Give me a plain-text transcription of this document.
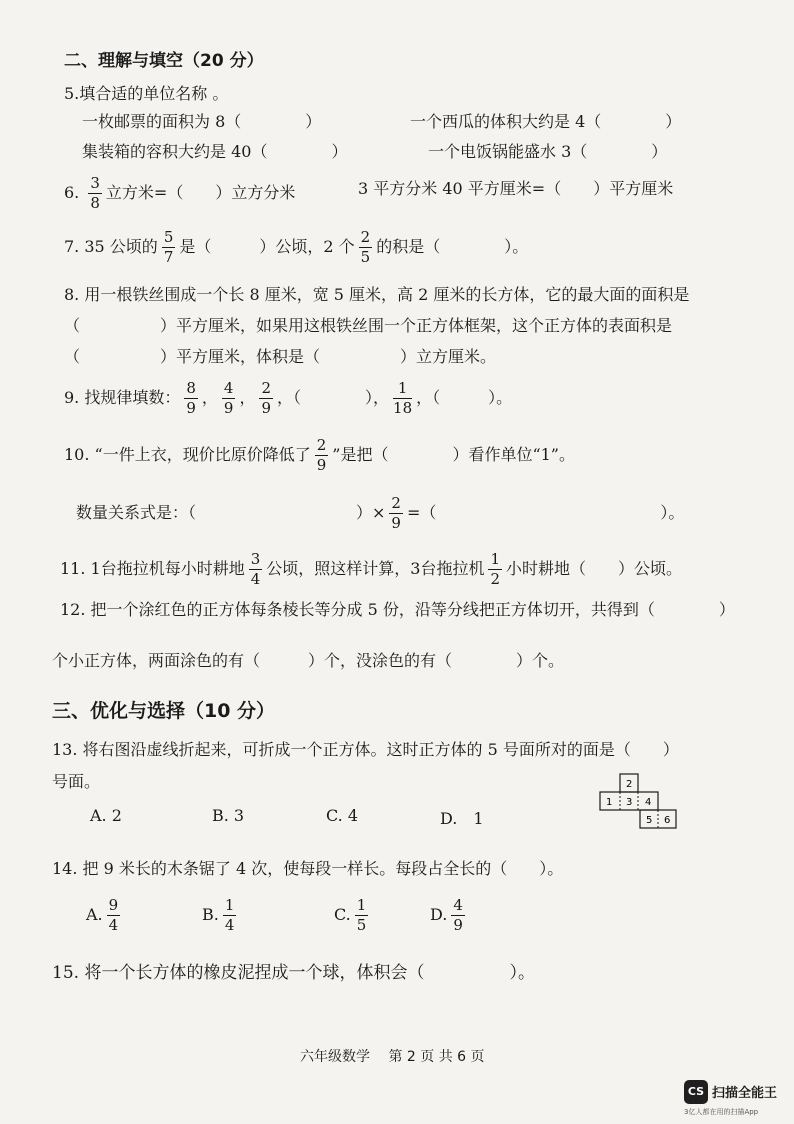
二、理解与填空（20 分）
5.填合适的单位名称 。
一枚邮票的面积为 8（　　　　）	一个西瓜的体积大约是 4（　　　　）
集装箱的容积大约是 40（　　　　）	一个电饭锅能盛水 3（　　　　）
6. $\frac{3}{8}$ 立方米=（　　）立方分米	3 平方分米 40 平方厘米=（　　）平方厘米
7. 35 公顷的 $\frac{5}{7}$ 是（　　　）公顷，2 个 $\frac{2}{5}$ 的积是（　　　　）。
8. 用一根铁丝围成一个长 8 厘米，宽 5 厘米，高 2 厘米的长方体，它的最大面的面积是
（　　　　　）平方厘米，如果用这根铁丝围一个正方体框架，这个正方体的表面积是
（　　　　　）平方厘米，体积是（　　　　　）立方厘米。
9. 找规律填数： $\frac{8}{9}$ ， $\frac{4}{9}$ ， $\frac{2}{9}$ ，（　　　　）， $\frac{1}{18}$ ，（　　　）。
10. “一件上衣，现价比原价降低了 $\frac{2}{9}$ ”是把（　　　　）看作单位“1”。
数量关系式是：（　　　　　　　　　　）× $\frac{2}{9}$ =（　　　　　　　　　　　　　　）。
11. 1台拖拉机每小时耕地 $\frac{3}{4}$ 公顷，照这样计算，3台拖拉机 $\frac{1}{2}$ 小时耕地（　　）公顷。
12. 把一个涂红色的正方体每条棱长等分成 5 份，沿等分线把正方体切开，共得到（　　　　）
个小正方体，两面涂色的有（　　　）个，没涂色的有（　　　　）个。
三、优化与选择（10 分）
13. 将右图沿虚线折起来，可折成一个正方体。这时正方体的 5 号面所对的面是（　　）
号面。
A. 2	B. 3	C. 4	D.　1
2
1 3 4
5 6
14. 把 9 米长的木条锯了 4 次，使每段一样长。每段占全长的（　　）。
A. $\frac{9}{4}$	B. $\frac{1}{4}$	C. $\frac{1}{5}$	D. $\frac{4}{9}$
15. 将一个长方体的橡皮泥捏成一个球，体积会（　　　　　）。
六年级数学 第 2 页 共 6 页
CS 扫描全能王
3亿人都在用的扫描App
